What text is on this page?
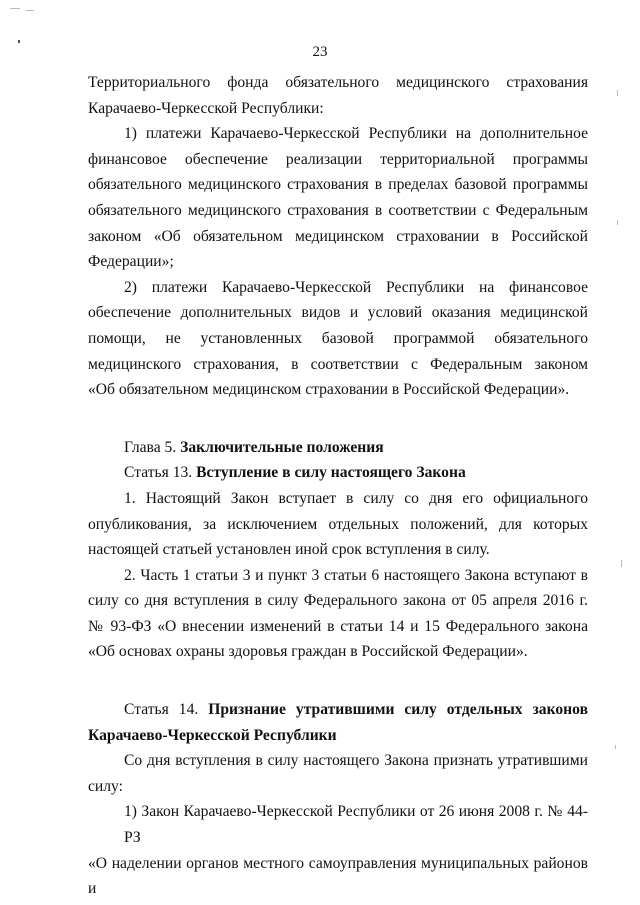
23
Территориального фонда обязательного медицинского страхования
Карачаево-Черкесской Республики:
1) платежи Карачаево-Черкесской Республики на дополнительное
финансовое обеспечение реализации территориальной программы
обязательного медицинского страхования в пределах базовой программы
обязательного медицинского страхования в соответствии с Федеральным
законом «Об обязательном медицинском страховании в Российской
Федерации»;
2) платежи Карачаево-Черкесской Республики на финансовое
обеспечение дополнительных видов и условий оказания медицинской
помощи, не установленных базовой программой обязательного
медицинского страхования, в соответствии с Федеральным законом
«Об обязательном медицинском страховании в Российской Федерации».
Глава 5. Заключительные положения
Статья 13. Вступление в силу настоящего Закона
1. Настоящий Закон вступает в силу со дня его официального
опубликования, за исключением отдельных положений, для которых
настоящей статьей установлен иной срок вступления в силу.
2. Часть 1 статьи 3 и пункт 3 статьи 6 настоящего Закона вступают в
силу со дня вступления в силу Федерального закона от 05 апреля 2016 г.
№ 93-ФЗ «О внесении изменений в статьи 14 и 15 Федерального закона
«Об основах охраны здоровья граждан в Российской Федерации».
Статья 14. Признание утратившими силу отдельных законов
Карачаево-Черкесской Республики
Со дня вступления в силу настоящего Закона признать утратившими
силу:
1) Закон Карачаево-Черкесской Республики от 26 июня 2008 г. № 44-РЗ
«О наделении органов местного самоуправления муниципальных районов и
